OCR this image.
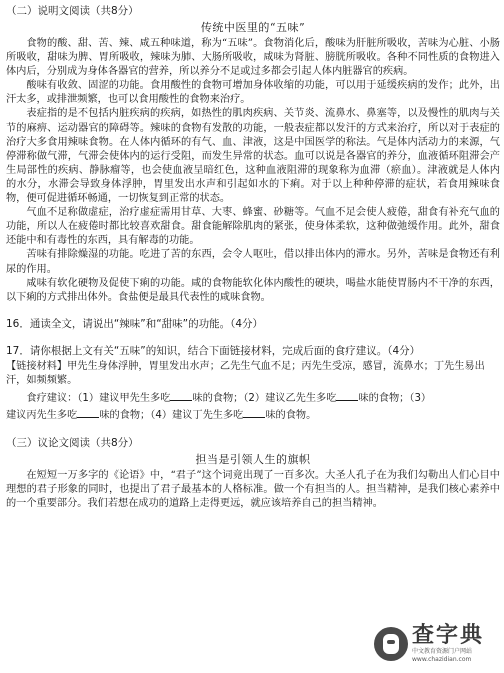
（二）说明文阅读（共8分）
传统中医里的“五味”

食物的酸、甜、苦、辣、咸五种味道，称为“五味”。食物消化后，酸味为肝脏所吸收，苦味为心脏、小肠所吸收，甜味为脾、胃所吸收，辣味为肺、大肠所吸收，咸味为肾脏、膀胱所吸收。各种不同性质的食物进入体内后，分别成为身体各器官的营养，所以养分不足或过多都会引起人体内脏器官的疾病。

酸味有收敛、固涩的功能。食用酸性的食物可增加身体收缩的功能，可以用于延缓疾病的发作；此外，出汗太多，或排泄频繁，也可以食用酸性的食物来治疗。

表症指的是不包括内脏疾病的疾病，如热性的肌肉疾病、关节炎、流鼻水、鼻塞等，以及慢性的肌肉与关节的麻痹、运动器官的障碍等。辣味的食物有发散的功能，一般表症都以发汗的方式来治疗，所以对于表症的治疗大多食用辣味食物。在人体内循环的有气、血、津液，这是中国医学的称法。气是体内活动力的来源，气停滞称做气滞，气滞会使体内的运行受阻，而发生异常的状态。血可以说是各器官的养分，血液循环阻滞会产生局部性的疾病、静脉瘤等，也会使血液呈暗红色，这种血液阻滞的现象称为血滞（瘀血）。津液就是人体内的水分，水滞会导致身体浮肿，胃里发出水声和引起如水的下痢。对于以上种种停滞的症状，若食用辣味食物，便可促进循环畅通，一切恢复到正常的状态。

气血不足称做虚症，治疗虚症需用甘草、大枣、蜂蜜、砂糖等。气血不足会使人疲倦，甜食有补充气血的功能，所以人在疲倦时都比较喜欢甜食。甜食能解除肌肉的紧张，使身体柔软，这种做弛缓作用。此外，甜食还能中和有毒性的东西，具有解毒的功能。

苦味有排除燥湿的功能。吃进了苦的东西，会令人呕吐，借以排出体内的滞水。另外，苦味是食物还有利尿的作用。

咸味有软化硬物及促使下痢的功能。咸的食物能软化体内酸性的硬块，喝盐水能使胃肠内不干净的东西，以下痢的方式排出体外。食盐便是最具代表性的咸味食物。

16．通读全文，请说出“辣味”和“甜味”的功能。（4分）
17．请你根据上文有关“五味”的知识，结合下面链接材料，完成后面的食疗建议。（4分）
【链接材料】甲先生身体浮肿，胃里发出水声；乙先生气血不足；丙先生受凉，感冒，流鼻水；丁先生易出汗，如频频繁。
食疗建议：（1）建议甲先生多吃 味的食物；（2）建议乙先生多吃 味的食物；（3）
建议丙先生多吃 味的食物；（4）建议丁先生多吃 味的食物。
（三）议论文阅读（共8分）
担当是引领人生的旗帜

在短短一万多字的《论语》中，“君子”这个词竟出现了一百多次。大圣人孔子在为我们勾勒出人们心目中理想的君子形象的同时，也提出了君子最基本的人格标准。做一个有担当的人。担当精神，是我们核心素养中的一个重要部分。我们若想在成功的道路上走得更远，就应该培养自己的担当精神。

查字典
中文教育资源门户网站 www.chazidian.com
